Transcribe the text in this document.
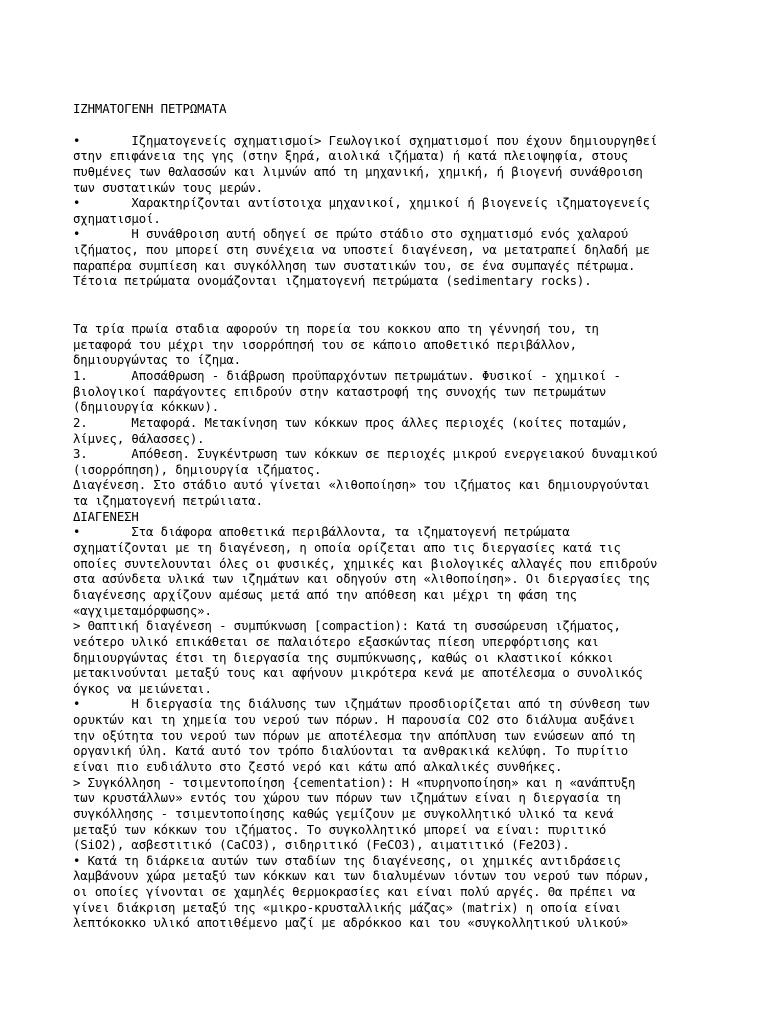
ΙΖΗΜΑΤΟΓΕΝΗ ΠΕΤΡΩΜΑΤΑ
•       Ιζηματογενείς σχηματισμοί> Γεωλογικοί σχηματισμοί που έχουν δημιουργηθεί
στην επιφάνεια της γης (στην ξηρά, αιολικά ιζήματα) ή κατά πλειοψηφία, στους
πυθμένες των θαλασσών και λιμνών από τη μηχανική, χημική, ή βιογενή συνάθροιση
των συστατικών τους μερών.
•       Χαρακτηρίζονται αντίστοιχα μηχανικοί, χημικοί ή βιογενείς ιζηματογενείς
σχηματισμοί.
•       Η συνάθροιση αυτή οδηγεί σε πρώτο στάδιο στο σχηματισμό ενός χαλαρού
ιζήματος, που μπορεί στη συνέχεια να υποστεί διαγένεση, να μετατραπεί δηλαδή με
παραπέρα συμπίεση και συγκόλληση των συστατικών του, σε ένα συμπαγές πέτρωμα.
Τέτοια πετρώματα ονομάζονται ιζηματογενή πετρώματα (sedimentary rocks).
Τα τρία πρωία σταδια αφορούν τη πορεία του κοκκου απο τη γέννησή του, τη
μεταφορά του μέχρι την ισορρόπησή του σε κάποιο αποθετικό περιβάλλον,
δημιουργώντας το ίζημα.
1.      Αποσάθρωση - διάβρωση προϋπαρχόντων πετρωμάτων. Φυσικοί - χημικοί -
βιολογικοί παράγοντες επιδρούν στην καταστροφή της συνοχής των πετρωμάτων
(δημιουργία κόκκων).
2.      Μεταφορά. Μετακίνηση των κόκκων προς άλλες περιοχές (κοίτες ποταμών,
λίμνες, θάλασσες).
3.      Απόθεση. Συγκέντρωση των κόκκων σε περιοχές μικρού ενεργειακού δυναμικού
(ισορρόπηση), δημιουργία ιζήματος.
Διαγένεση. Στο στάδιο αυτό γίνεται «λιθοποίηση» του ιζήματος και δημιουργούνται
τα ιζηματογενή πετρώιιατα.
ΔΙΑΓΕΝΕΣΗ
•       Στα διάφορα αποθετικά περιβάλλοντα, τα ιζηματογενή πετρώματα
σχηματίζονται με τη διαγένεση, η οποία ορίζεται απο τις διεργασίες κατά τις
οποίες συντελουνται όλες οι φυσικές, χημικές και βιολογικές αλλαγές που επιδρούν
στα ασύνδετα υλικά των ιζημάτων και οδηγούν στη «λιθοποίηση». Οι διεργασίες της
διαγένεσης αρχίζουν αμέσως μετά από την απόθεση και μέχρι τη φάση της
«αγχιμεταμόρφωσης».
> Θαπτική διαγένεση - συμπύκνωση [compaction): Κατά τη συσσώρευση ιζήματος,
νεότερο υλικό επικάθεται σε παλαιότερο εξασκώντας πίεση υπερφόρτισης και
δημιουργώντας έτσι τη διεργασία της συμπύκνωσης, καθώς οι κλαστικοί κόκκοι
μετακινούνται μεταξύ τους και αφήνουν μικρότερα κενά με αποτέλεσμα ο συνολικός
όγκος να μειώνεται.
•       Η διεργασία της διάλυσης των ιζημάτων προσδιορίζεται από τη σύνθεση των
ορυκτών και τη χημεία του νερού των πόρων. Η παρουσία CO2 στο διάλυμα αυξάνει
την οξύτητα του νερού των πόρων με αποτέλεσμα την απόπλυση των ενώσεων από τη
οργανική ύλη. Κατά αυτό τον τρόπο διαλύονται τα ανθρακικά κελύφη. Το πυρίτιο
είναι πιο ευδιάλυτο στο ζεστό νερό και κάτω από αλκαλικές συνθήκες.
> Συγκόλληση - τσιμεντοποίηση {cementation): Η «πυρηνοποίηση» και η «ανάπτυξη
των κρυστάλλων» εντός του χώρου των πόρων των ιζημάτων είναι η διεργασία τη
συγκόλλησης - τσιμεντοποίησης καθώς γεμίζουν με συγκολλητικό υλικό τα κενά
μεταξύ των κόκκων του ιζήματος. Το συγκολλητικό μπορεί να είναι: πυριτικό
(SiO2), ασβεστιτικό (CaCO3), σιδηριτικό (FeCO3), αιματιτικό (Fe2O3).
• Κατά τη διάρκεια αυτών των σταδίων της διαγένεσης, οι χημικές αντιδράσεις
λαμβάνουν χώρα μεταξύ των κόκκων και των διαλυμένων ιόντων του νερού των πόρων,
οι οποίες γίνονται σε χαμηλές θερμοκρασίες και είναι πολύ αργές. Θα πρέπει να
γίνει διάκριση μεταξύ της «μικρο-κρυσταλλικής μάζας» (matrix) η οποία είναι
λεπτόκοκκο υλικό αποτιθέμενο μαζί με αδρόκκοο και του «συγκολλητικού υλικού»
